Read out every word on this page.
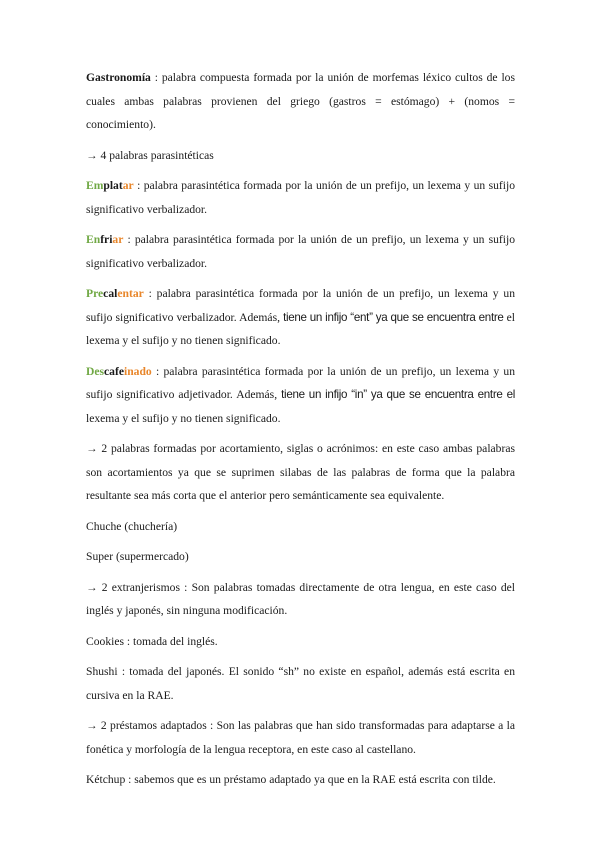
Gastronomía : palabra compuesta formada por la unión de morfemas léxico cultos de los cuales ambas palabras provienen del griego (gastros = estómago) + (nomos = conocimiento).

→ 4 palabras parasintéticas

Emplatar : palabra parasintética formada por la unión de un prefijo, un lexema y un sufijo significativo verbalizador.

Enfriar : palabra parasintética formada por la unión de un prefijo, un lexema y un sufijo significativo verbalizador.

Precalentar : palabra parasintética formada por la unión de un prefijo, un lexema y un sufijo significativo verbalizador. Además, tiene un infijo “ent” ya que se encuentra entre el lexema y el sufijo y no tienen significado.

Descafeinado : palabra parasintética formada por la unión de un prefijo, un lexema y un sufijo significativo adjetivador. Además, tiene un infijo “in” ya que se encuentra entre el lexema y el sufijo y no tienen significado.

→ 2 palabras formadas por acortamiento, siglas o acrónimos: en este caso ambas palabras son acortamientos ya que se suprimen silabas de las palabras de forma que la palabra resultante sea más corta que el anterior pero semánticamente sea equivalente.

Chuche (chuchería)

Super (supermercado)

→ 2 extranjerismos : Son palabras tomadas directamente de otra lengua, en este caso del inglés y japonés, sin ninguna modificación.

Cookies : tomada del inglés.

Shushi : tomada del japonés. El sonido “sh” no existe en español, además está escrita en cursiva en la RAE.

→ 2 préstamos adaptados : Son las palabras que han sido transformadas para adaptarse a la fonética y morfología de la lengua receptora, en este caso al castellano.

Kétchup : sabemos que es un préstamo adaptado ya que en la RAE está escrita con tilde.
